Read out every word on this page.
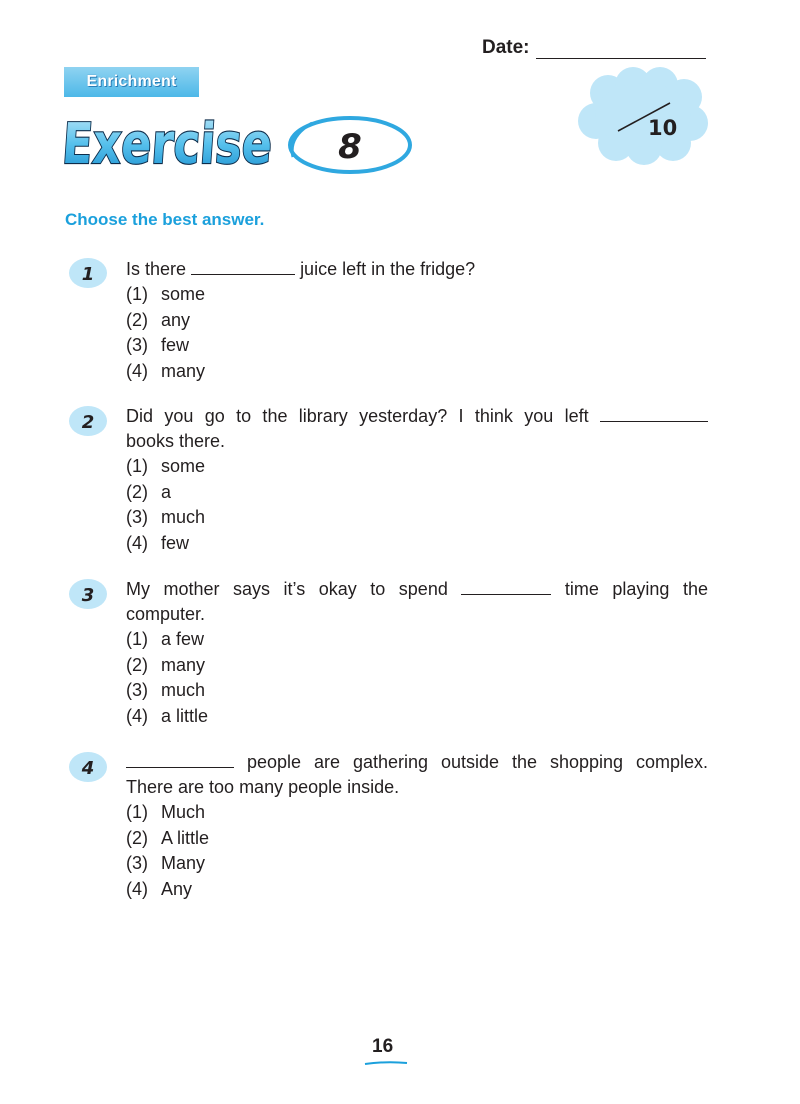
Date:
Enrichment
Exercise 8	10
Choose the best answer.
1 Is there	juice left in the fridge?
(1) some
(2) any
(3) few
(4) many
2 Did you go to the library yesterday? I think you left
books there.
(1) some
(2) a
(3) much
(4) few
3 My mother says it’s okay to spend	time playing the
computer.
(1) a few
(2) many
(3) much
(4) a little
4	people are gathering outside the shopping complex.
There are too many people inside.
(1) Much
(2) A little
(3) Many
(4) Any
16
